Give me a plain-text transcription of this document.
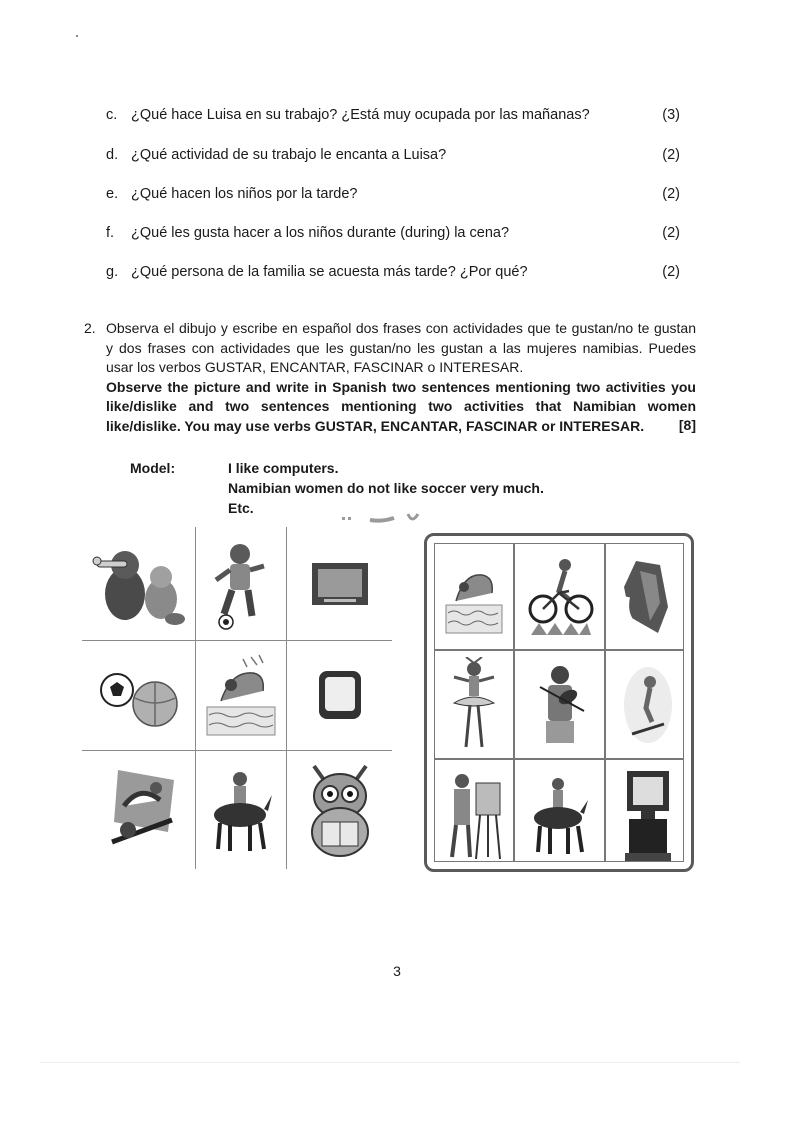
c. ¿Qué hace Luisa en su trabajo? ¿Está muy ocupada por las mañanas?	(3)
d. ¿Qué actividad de su trabajo le encanta a Luisa?	(2)
e. ¿Qué hacen los niños por la tarde?	(2)
f. ¿Qué les gusta hacer a los niños durante (during) la cena?	(2)
g. ¿Qué persona de la familia se acuesta más tarde? ¿Por qué?	(2)
2. Observa el dibujo y escribe en español dos frases con actividades que te gustan/no te gustan y dos frases con actividades que les gustan/no les gustan a las mujeres namibias. Puedes usar los verbos GUSTAR, ENCANTAR, FASCINAR o INTERESAR.
Observe the picture and write in Spanish two sentences mentioning two activities you like/dislike and two sentences mentioning two activities that Namibian women like/dislike. You may use verbs GUSTAR, ENCANTAR, FASCINAR or INTERESAR.	[8]
Model:	I like computers.
Namibian women do not like soccer very much.
Etc.
3
